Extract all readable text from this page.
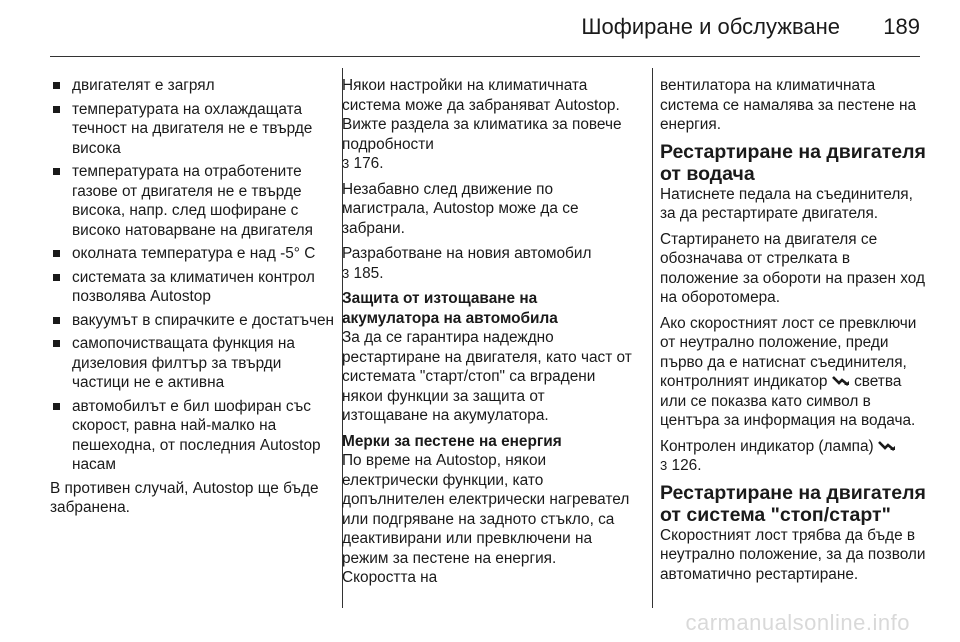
Шофиране и обслужване 189
двигателят е загрял
температурата на охлаждащата течност на двигателя не е твърде висока
температурата на отработените газове от двигателя не е твърде висока, напр. след шофиране с високо натоварване на двигателя
околната температура е над -5° C
системата за климатичен контрол позволява Autostop
вакуумът в спирачките е достатъчен
самопочистващата функция на дизеловия филтър за твърди частици не е активна
автомобилът е бил шофиран със скорост, равна най-малко на пешеходна, от последния Autostop насам

В противен случай, Autostop ще бъде забранена.

Някои настройки на климатичната система може да забраняват Autostop. Вижте раздела за климатика за повече подробности
3 176.

Незабавно след движение по магистрала, Autostop може да се забрани.

Разработване на новия автомобил
3 185.

Защита от изтощаване на акумулатора на автомобила

За да се гарантира надеждно рестартиране на двигателя, като част от системата "старт/стоп" са вградени някои функции за защита от изтощаване на акумулатора.

Мерки за пестене на енергия

По време на Autostop, някои електрически функции, като допълнителен електрически нагревател или подгряване на задното стъкло, са деактивирани или превключени на режим за пестене на енергия. Скоростта на

вентилатора на климатичната система се намалява за пестене на енергия.

Рестартиране на двигателя от водача

Натиснете педала на съединителя, за да рестартирате двигателя.

Стартирането на двигателя се обозначава от стрелката в положение за обороти на празен ход на оборотомера.

Ако скоростният лост се превключи от неутрално положение, преди първо да е натиснат съединителя, контролният индикатор светва или се показва като символ в центъра за информация на водача.

Контролен индикатор (лампа)
3 126.

Рестартиране на двигателя от система "стоп/старт"

Скоростният лост трябва да бъде в неутрално положение, за да позволи автоматично рестартиране.

carmanualsonline.info
